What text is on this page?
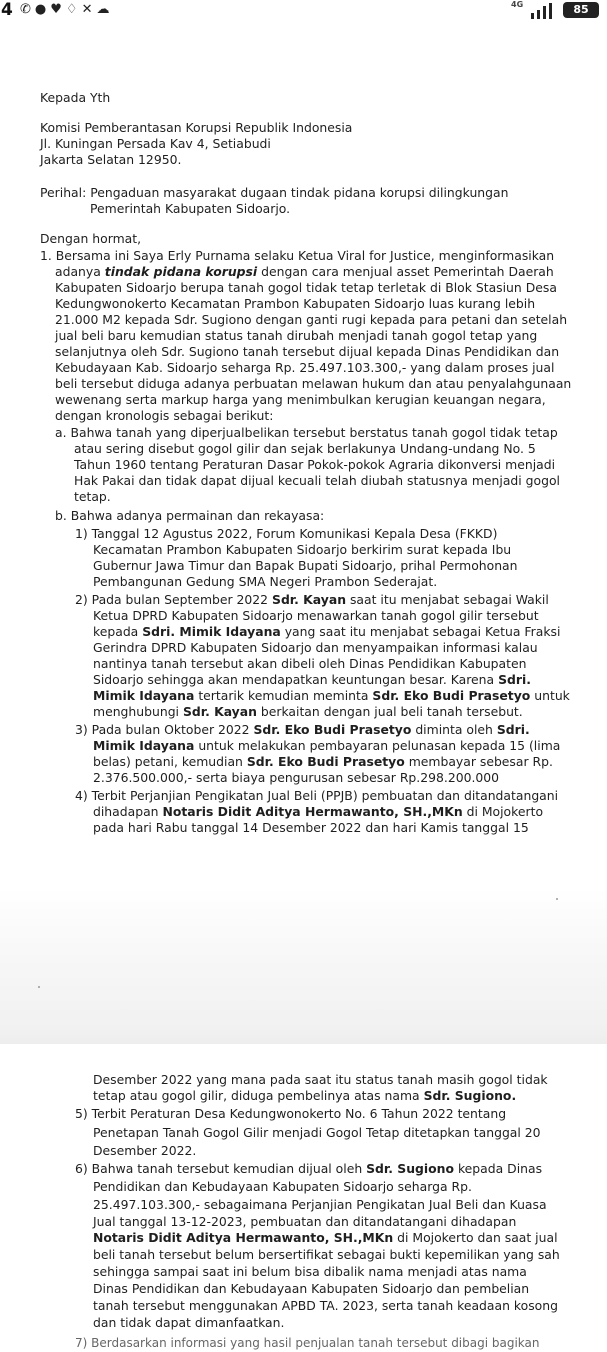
4 ✆●♥♢✕☁	4G	85
Kepada Yth
Komisi Pemberantasan Korupsi Republik Indonesia
Jl. Kuningan Persada Kav 4, Setiabudi
Jakarta Selatan 12950.
Perihal: Pengaduan masyarakat dugaan tindak pidana korupsi dilingkungan
Pemerintah Kabupaten Sidoarjo.
Dengan hormat,
1. Bersama ini Saya Erly Purnama selaku Ketua Viral for Justice, menginformasikan
adanya tindak pidana korupsi dengan cara menjual asset Pemerintah Daerah
Kabupaten Sidoarjo berupa tanah gogol tidak tetap terletak di Blok Stasiun Desa
Kedungwonokerto Kecamatan Prambon Kabupaten Sidoarjo luas kurang lebih
21.000 M2 kepada Sdr. Sugiono dengan ganti rugi kepada para petani dan setelah
jual beli baru kemudian status tanah dirubah menjadi tanah gogol tetap yang
selanjutnya oleh Sdr. Sugiono tanah tersebut dijual kepada Dinas Pendidikan dan
Kebudayaan Kab. Sidoarjo seharga Rp. 25.497.103.300,- yang dalam proses jual
beli tersebut diduga adanya perbuatan melawan hukum dan atau penyalahgunaan
wewenang serta markup harga yang menimbulkan kerugian keuangan negara,
dengan kronologis sebagai berikut:
a. Bahwa tanah yang diperjualbelikan tersebut berstatus tanah gogol tidak tetap
atau sering disebut gogol gilir dan sejak berlakunya Undang-undang No. 5
Tahun 1960 tentang Peraturan Dasar Pokok-pokok Agraria dikonversi menjadi
Hak Pakai dan tidak dapat dijual kecuali telah diubah statusnya menjadi gogol
tetap.
b. Bahwa adanya permainan dan rekayasa:
1) Tanggal 12 Agustus 2022, Forum Komunikasi Kepala Desa (FKKD)
Kecamatan Prambon Kabupaten Sidoarjo berkirim surat kepada Ibu
Gubernur Jawa Timur dan Bapak Bupati Sidoarjo, prihal Permohonan
Pembangunan Gedung SMA Negeri Prambon Sederajat.
2) Pada bulan September 2022 Sdr. Kayan saat itu menjabat sebagai Wakil
Ketua DPRD Kabupaten Sidoarjo menawarkan tanah gogol gilir tersebut
kepada Sdri. Mimik Idayana yang saat itu menjabat sebagai Ketua Fraksi
Gerindra DPRD Kabupaten Sidoarjo dan menyampaikan informasi kalau
nantinya tanah tersebut akan dibeli oleh Dinas Pendidikan Kabupaten
Sidoarjo sehingga akan mendapatkan keuntungan besar. Karena Sdri.
Mimik Idayana tertarik kemudian meminta Sdr. Eko Budi Prasetyo untuk
menghubungi Sdr. Kayan berkaitan dengan jual beli tanah tersebut.
3) Pada bulan Oktober 2022 Sdr. Eko Budi Prasetyo diminta oleh Sdri.
Mimik Idayana untuk melakukan pembayaran pelunasan kepada 15 (lima
belas) petani, kemudian Sdr. Eko Budi Prasetyo membayar sebesar Rp.
2.376.500.000,- serta biaya pengurusan sebesar Rp.298.200.000
4) Terbit Perjanjian Pengikatan Jual Beli (PPJB) pembuatan dan ditandatangani
dihadapan Notaris Didit Aditya Hermawanto, SH.,MKn di Mojokerto
pada hari Rabu tanggal 14 Desember 2022 dan hari Kamis tanggal 15
Desember 2022 yang mana pada saat itu status tanah masih gogol tidak
tetap atau gogol gilir, diduga pembelinya atas nama Sdr. Sugiono.
5) Terbit Peraturan Desa Kedungwonokerto No. 6 Tahun 2022 tentang
Penetapan Tanah Gogol Gilir menjadi Gogol Tetap ditetapkan tanggal 20
Desember 2022.
6) Bahwa tanah tersebut kemudian dijual oleh Sdr. Sugiono kepada Dinas
Pendidikan dan Kebudayaan Kabupaten Sidoarjo seharga Rp.
25.497.103.300,- sebagaimana Perjanjian Pengikatan Jual Beli dan Kuasa
Jual tanggal 13-12-2023, pembuatan dan ditandatangani dihadapan
Notaris Didit Aditya Hermawanto, SH.,MKn di Mojokerto dan saat jual
beli tanah tersebut belum bersertifikat sebagai bukti kepemilikan yang sah
sehingga sampai saat ini belum bisa dibalik nama menjadi atas nama
Dinas Pendidikan dan Kebudayaan Kabupaten Sidoarjo dan pembelian
tanah tersebut menggunakan APBD TA. 2023, serta tanah keadaan kosong
dan tidak dapat dimanfaatkan.
7) Berdasarkan informasi yang hasil penjualan tanah tersebut dibagi bagikan
